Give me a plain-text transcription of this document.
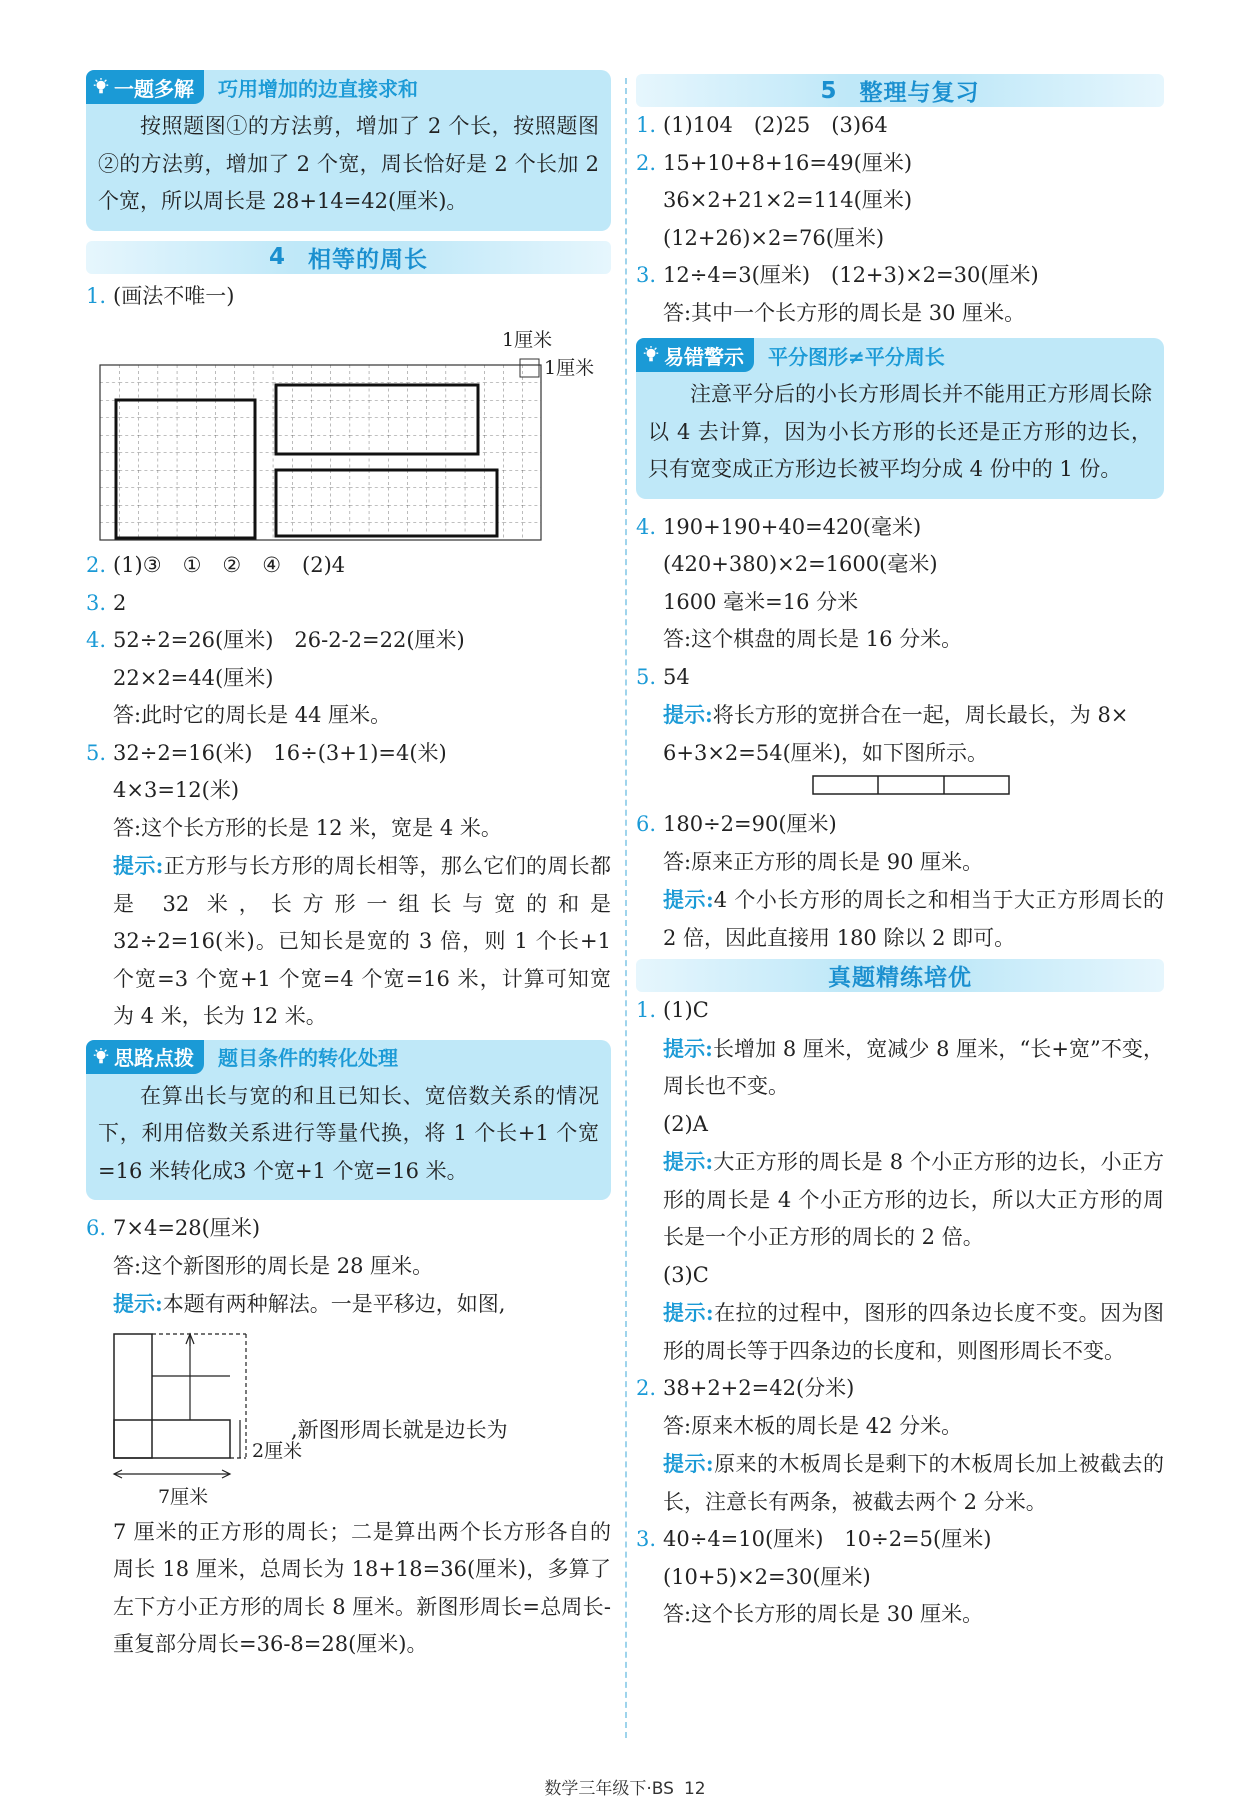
一题多解 巧用增加的边直接求和
按照题图①的方法剪，增加了 2 个长，按照题图②的方法剪，增加了 2 个宽，周长恰好是 2 个长加 2 个宽，所以周长是 28+14=42(厘米)。
4 相等的周长
1. (画法不唯一)
1厘米
1厘米
2. (1)③　①　②　④　(2)4
3. 2
4. 52÷2=26(厘米)　26-2-2=22(厘米)
22×2=44(厘米)
答:此时它的周长是 44 厘米。
5. 32÷2=16(米)　16÷(3+1)=4(米)
4×3=12(米)
答:这个长方形的长是 12 米，宽是 4 米。
提示:正方形与长方形的周长相等，那么它们的周长都是 32 米，长方形一组长与宽的和是 32÷2=16(米)。已知长是宽的 3 倍，则 1 个长+1 个宽=3 个宽+1 个宽=4 个宽=16 米，计算可知宽为 4 米，长为 12 米。
思路点拨 题目条件的转化处理
在算出长与宽的和且已知长、宽倍数关系的情况下，利用倍数关系进行等量代换，将 1 个长+1 个宽=16 米转化成3 个宽+1 个宽=16 米。
6. 7×4=28(厘米)
答:这个新图形的周长是 28 厘米。
提示:本题有两种解法。一是平移边，如图,
2厘米
7厘米
,新图形周长就是边长为
7 厘米的正方形的周长；二是算出两个长方形各自的周长 18 厘米，总周长为 18+18=36(厘米)，多算了左下方小正方形的周长 8 厘米。新图形周长=总周长-重复部分周长=36-8=28(厘米)。
5 整理与复习
1. (1)104　(2)25　(3)64
2. 15+10+8+16=49(厘米)
36×2+21×2=114(厘米)
(12+26)×2=76(厘米)
3. 12÷4=3(厘米)　(12+3)×2=30(厘米)
答:其中一个长方形的周长是 30 厘米。
易错警示 平分图形≠平分周长
注意平分后的小长方形周长并不能用正方形周长除以 4 去计算，因为小长方形的长还是正方形的边长，只有宽变成正方形边长被平均分成 4 份中的 1 份。
4. 190+190+40=420(毫米)
(420+380)×2=1600(毫米)
1600 毫米=16 分米
答:这个棋盘的周长是 16 分米。
5. 54
提示:将长方形的宽拼合在一起，周长最长，为 8×
6+3×2=54(厘米)，如下图所示。
6. 180÷2=90(厘米)
答:原来正方形的周长是 90 厘米。
提示:4 个小长方形的周长之和相当于大正方形周长的 2 倍，因此直接用 180 除以 2 即可。
真题精练培优
1. (1)C
提示:长增加 8 厘米，宽减少 8 厘米，“长+宽”不变，周长也不变。
(2)A
提示:大正方形的周长是 8 个小正方形的边长，小正方形的周长是 4 个小正方形的边长，所以大正方形的周长是一个小正方形的周长的 2 倍。
(3)C
提示:在拉的过程中，图形的四条边长度不变。因为图形的周长等于四条边的长度和，则图形周长不变。
2. 38+2+2=42(分米)
答:原来木板的周长是 42 分米。
提示:原来的木板周长是剩下的木板周长加上被截去的长，注意长有两条，被截去两个 2 分米。
3. 40÷4=10(厘米)　10÷2=5(厘米)
(10+5)×2=30(厘米)
答:这个长方形的周长是 30 厘米。
数学三年级下·BS 12
